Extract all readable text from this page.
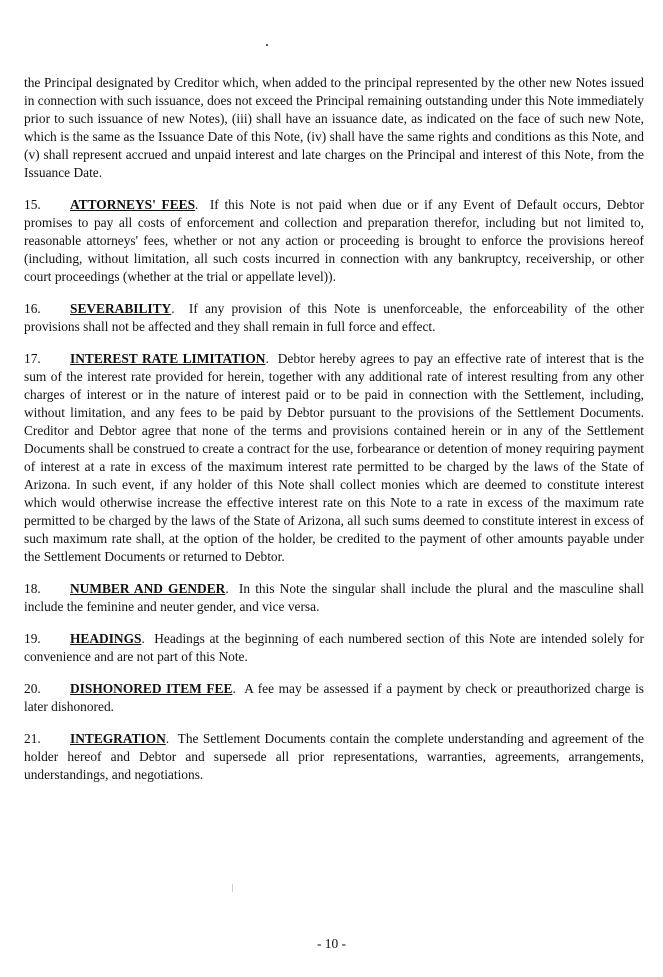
the Principal designated by Creditor which, when added to the principal represented by the other new Notes issued in connection with such issuance, does not exceed the Principal remaining outstanding under this Note immediately prior to such issuance of new Notes), (iii) shall have an issuance date, as indicated on the face of such new Note, which is the same as the Issuance Date of this Note, (iv) shall have the same rights and conditions as this Note, and (v) shall represent accrued and unpaid interest and late charges on the Principal and interest of this Note, from the Issuance Date.

15. ATTORNEYS' FEES.  If this Note is not paid when due or if any Event of Default occurs, Debtor promises to pay all costs of enforcement and collection and preparation therefor, including but not limited to, reasonable attorneys' fees, whether or not any action or proceeding is brought to enforce the provisions hereof (including, without limitation, all such costs incurred in connection with any bankruptcy, receivership, or other court proceedings (whether at the trial or appellate level)).

16. SEVERABILITY.  If any provision of this Note is unenforceable, the enforceability of the other provisions shall not be affected and they shall remain in full force and effect.

17. INTEREST RATE LIMITATION.  Debtor hereby agrees to pay an effective rate of interest that is the sum of the interest rate provided for herein, together with any additional rate of interest resulting from any other charges of interest or in the nature of interest paid or to be paid in connection with the Settlement, including, without limitation, and any fees to be paid by Debtor pursuant to the provisions of the Settlement Documents. Creditor and Debtor agree that none of the terms and provisions contained herein or in any of the Settlement Documents shall be construed to create a contract for the use, forbearance or detention of money requiring payment of interest at a rate in excess of the maximum interest rate permitted to be charged by the laws of the State of Arizona. In such event, if any holder of this Note shall collect monies which are deemed to constitute interest which would otherwise increase the effective interest rate on this Note to a rate in excess of the maximum rate permitted to be charged by the laws of the State of Arizona, all such sums deemed to constitute interest in excess of such maximum rate shall, at the option of the holder, be credited to the payment of other amounts payable under the Settlement Documents or returned to Debtor.

18. NUMBER AND GENDER.  In this Note the singular shall include the plural and the masculine shall include the feminine and neuter gender, and vice versa.

19. HEADINGS.  Headings at the beginning of each numbered section of this Note are intended solely for convenience and are not part of this Note.

20. DISHONORED ITEM FEE.  A fee may be assessed if a payment by check or preauthorized charge is later dishonored.

21. INTEGRATION.  The Settlement Documents contain the complete understanding and agreement of the holder hereof and Debtor and supersede all prior representations, warranties, agreements, arrangements, understandings, and negotiations.

- 10 -
